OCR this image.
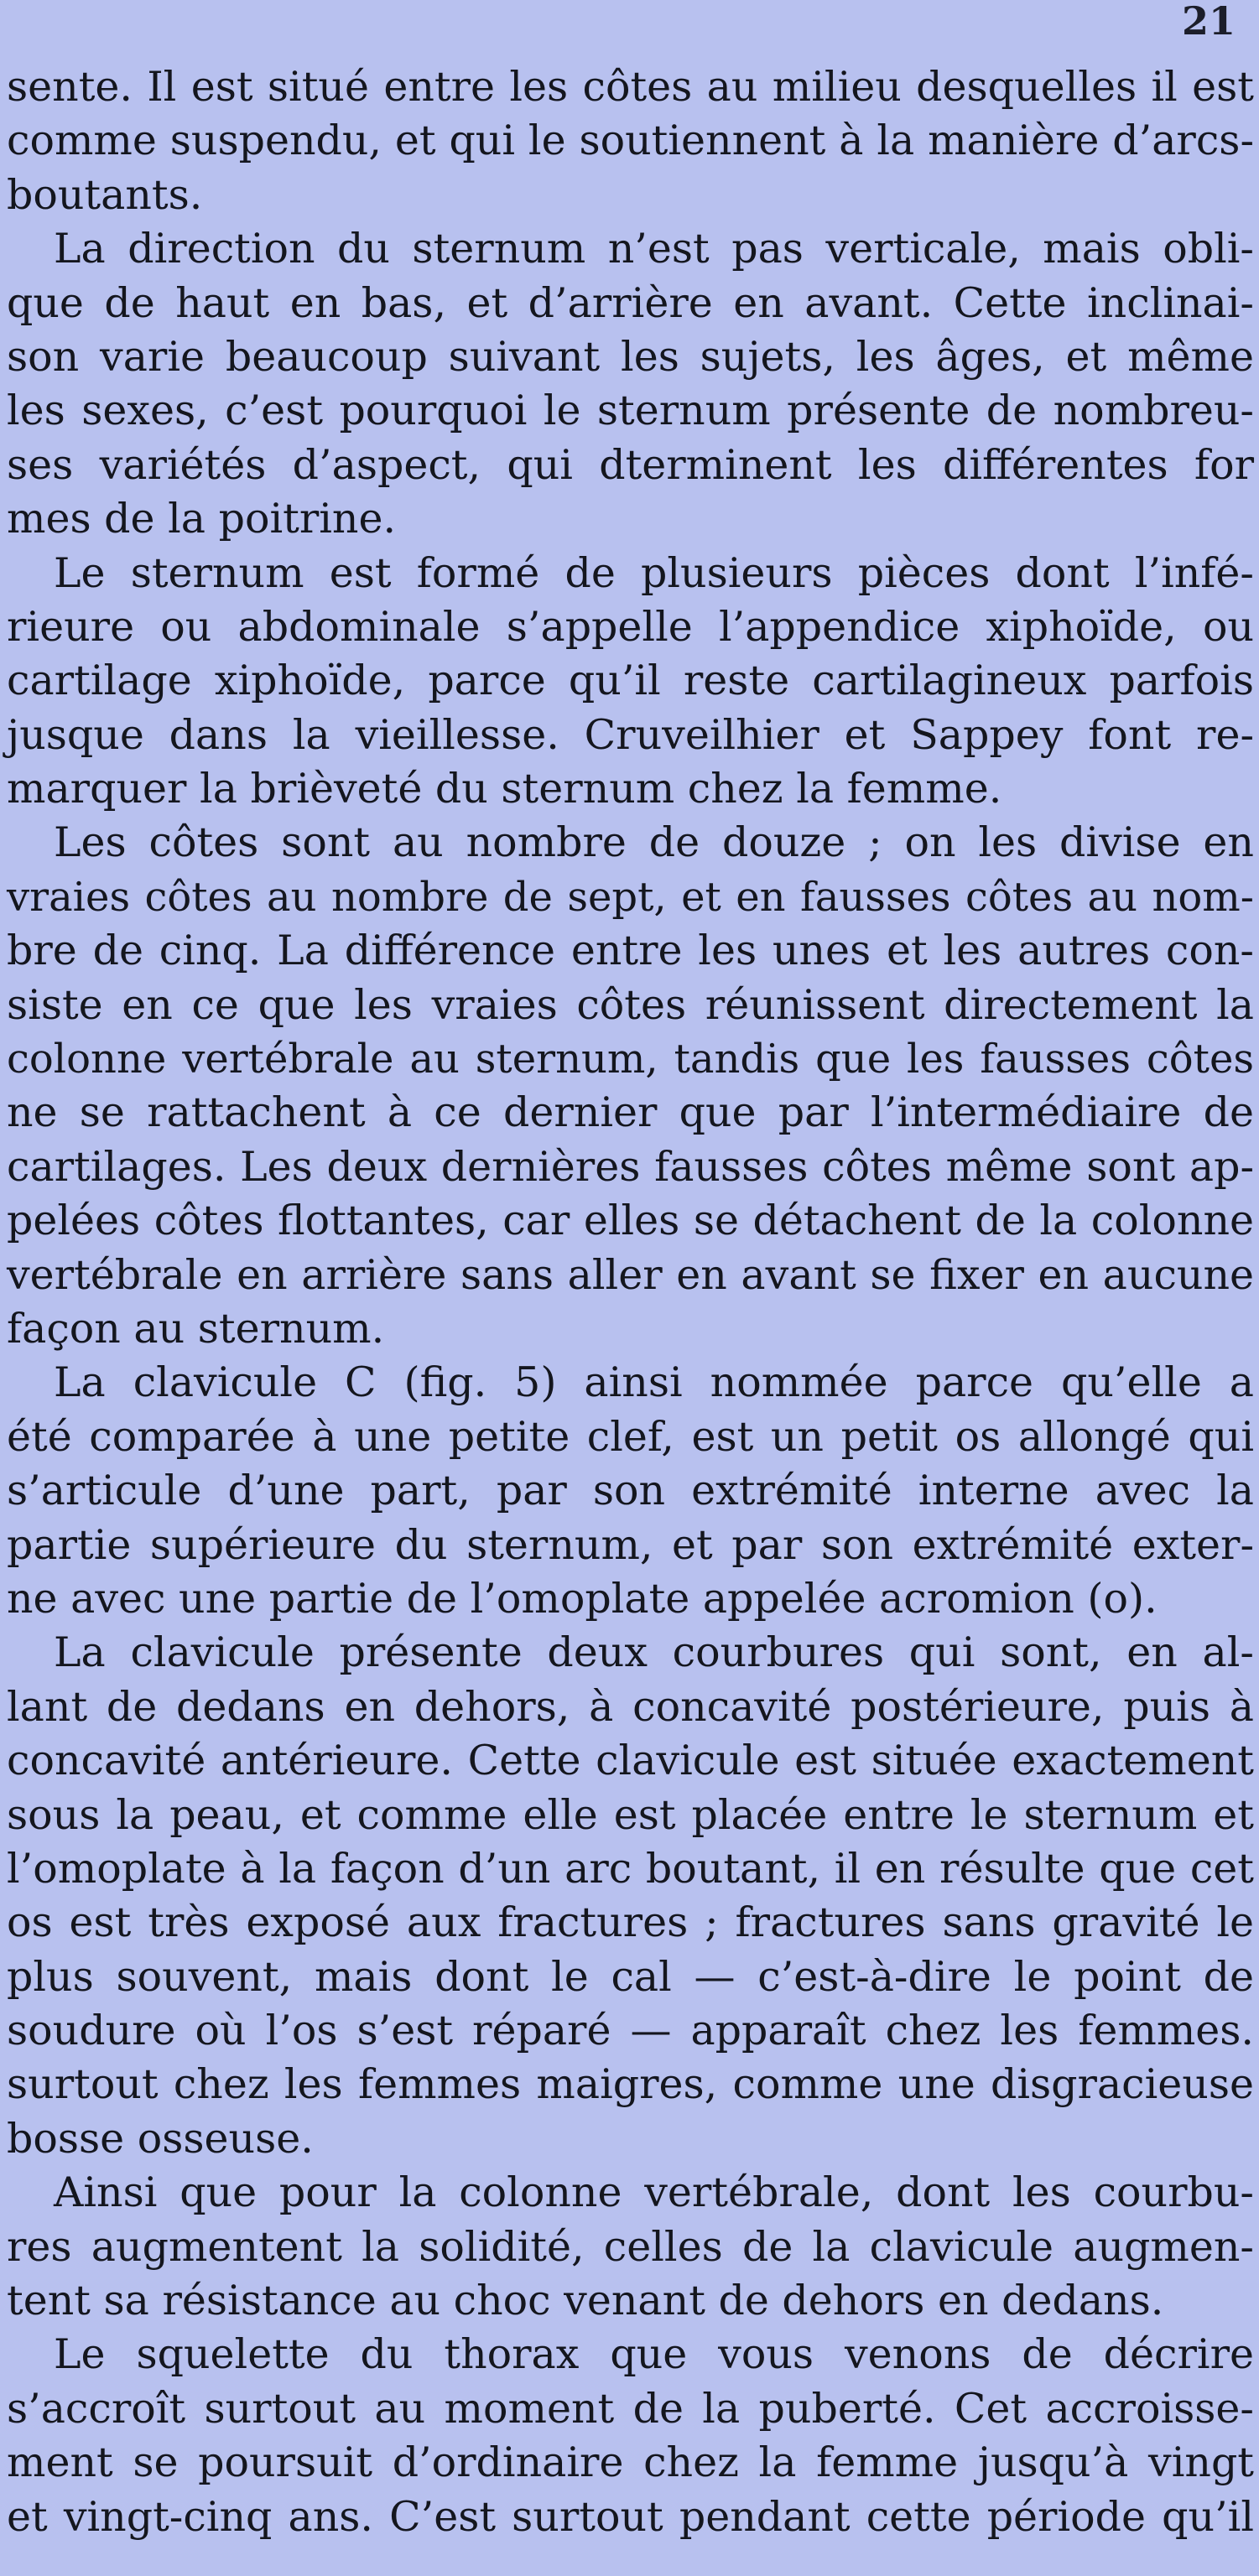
21
sente. Il est situé entre les côtes au milieu desquelles il est
comme suspendu, et qui le soutiennent à la manière d’arcs-
boutants.
La direction du sternum n’est pas verticale, mais obli-
que de haut en bas, et d’arrière en avant. Cette inclinai-
son varie beaucoup suivant les sujets, les âges, et même
les sexes, c’est pourquoi le sternum présente de nombreu-
ses variétés d’aspect, qui dterminent les différentes for
mes de la poitrine.
Le sternum est formé de plusieurs pièces dont l’infé-
rieure ou abdominale s’appelle l’appendice xiphoïde, ou
cartilage xiphoïde, parce qu’il reste cartilagineux parfois
jusque dans la vieillesse. Cruveilhier et Sappey font re-
marquer la brièveté du sternum chez la femme.
Les côtes sont au nombre de douze ; on les divise en
vraies côtes au nombre de sept, et en fausses côtes au nom-
bre de cinq. La différence entre les unes et les autres con-
siste en ce que les vraies côtes réunissent directement la
colonne vertébrale au sternum, tandis que les fausses côtes
ne se rattachent à ce dernier que par l’intermédiaire de
cartilages. Les deux dernières fausses côtes même sont ap-
pelées côtes flottantes, car elles se détachent de la colonne
vertébrale en arrière sans aller en avant se fixer en aucune
façon au sternum.
La clavicule C (fig. 5) ainsi nommée parce qu’elle a
été comparée à une petite clef, est un petit os allongé qui
s’articule d’une part, par son extrémité interne avec la
partie supérieure du sternum, et par son extrémité exter-
ne avec une partie de l’omoplate appelée acromion (o).
La clavicule présente deux courbures qui sont, en al-
lant de dedans en dehors, à concavité postérieure, puis à
concavité antérieure. Cette clavicule est située exactement
sous la peau, et comme elle est placée entre le sternum et
l’omoplate à la façon d’un arc boutant, il en résulte que cet
os est très exposé aux fractures ; fractures sans gravité le
plus souvent, mais dont le cal — c’est-à-dire le point de
soudure où l’os s’est réparé — apparaît chez les femmes.
surtout chez les femmes maigres, comme une disgracieuse
bosse osseuse.
Ainsi que pour la colonne vertébrale, dont les courbu-
res augmentent la solidité, celles de la clavicule augmen-
tent sa résistance au choc venant de dehors en dedans.
Le squelette du thorax que vous venons de décrire
s’accroît surtout au moment de la puberté. Cet accroisse-
ment se poursuit d’ordinaire chez la femme jusqu’à vingt
et vingt-cinq ans. C’est surtout pendant cette période qu’il
